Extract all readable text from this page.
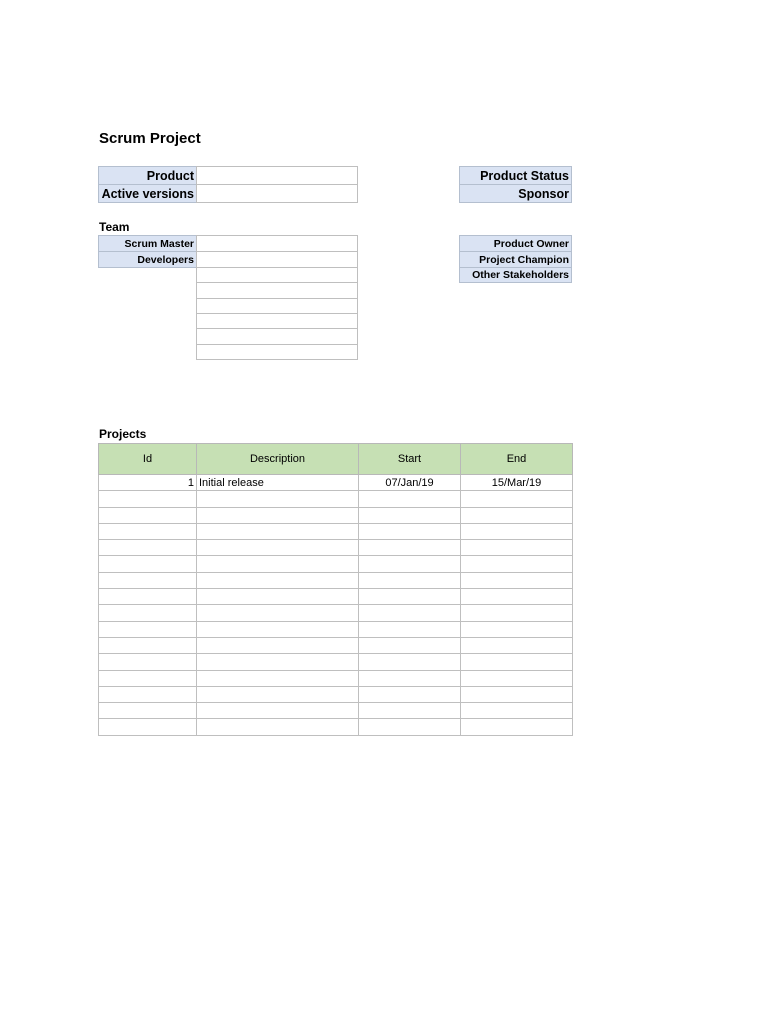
Scrum Project
Product
Active versions
Product Status
Sponsor
Team
Scrum Master
Developers
Product Owner
Project Champion
Other Stakeholders
Projects
Id	Description	Start	End
1	Initial release	07/Jan/19	15/Mar/19
